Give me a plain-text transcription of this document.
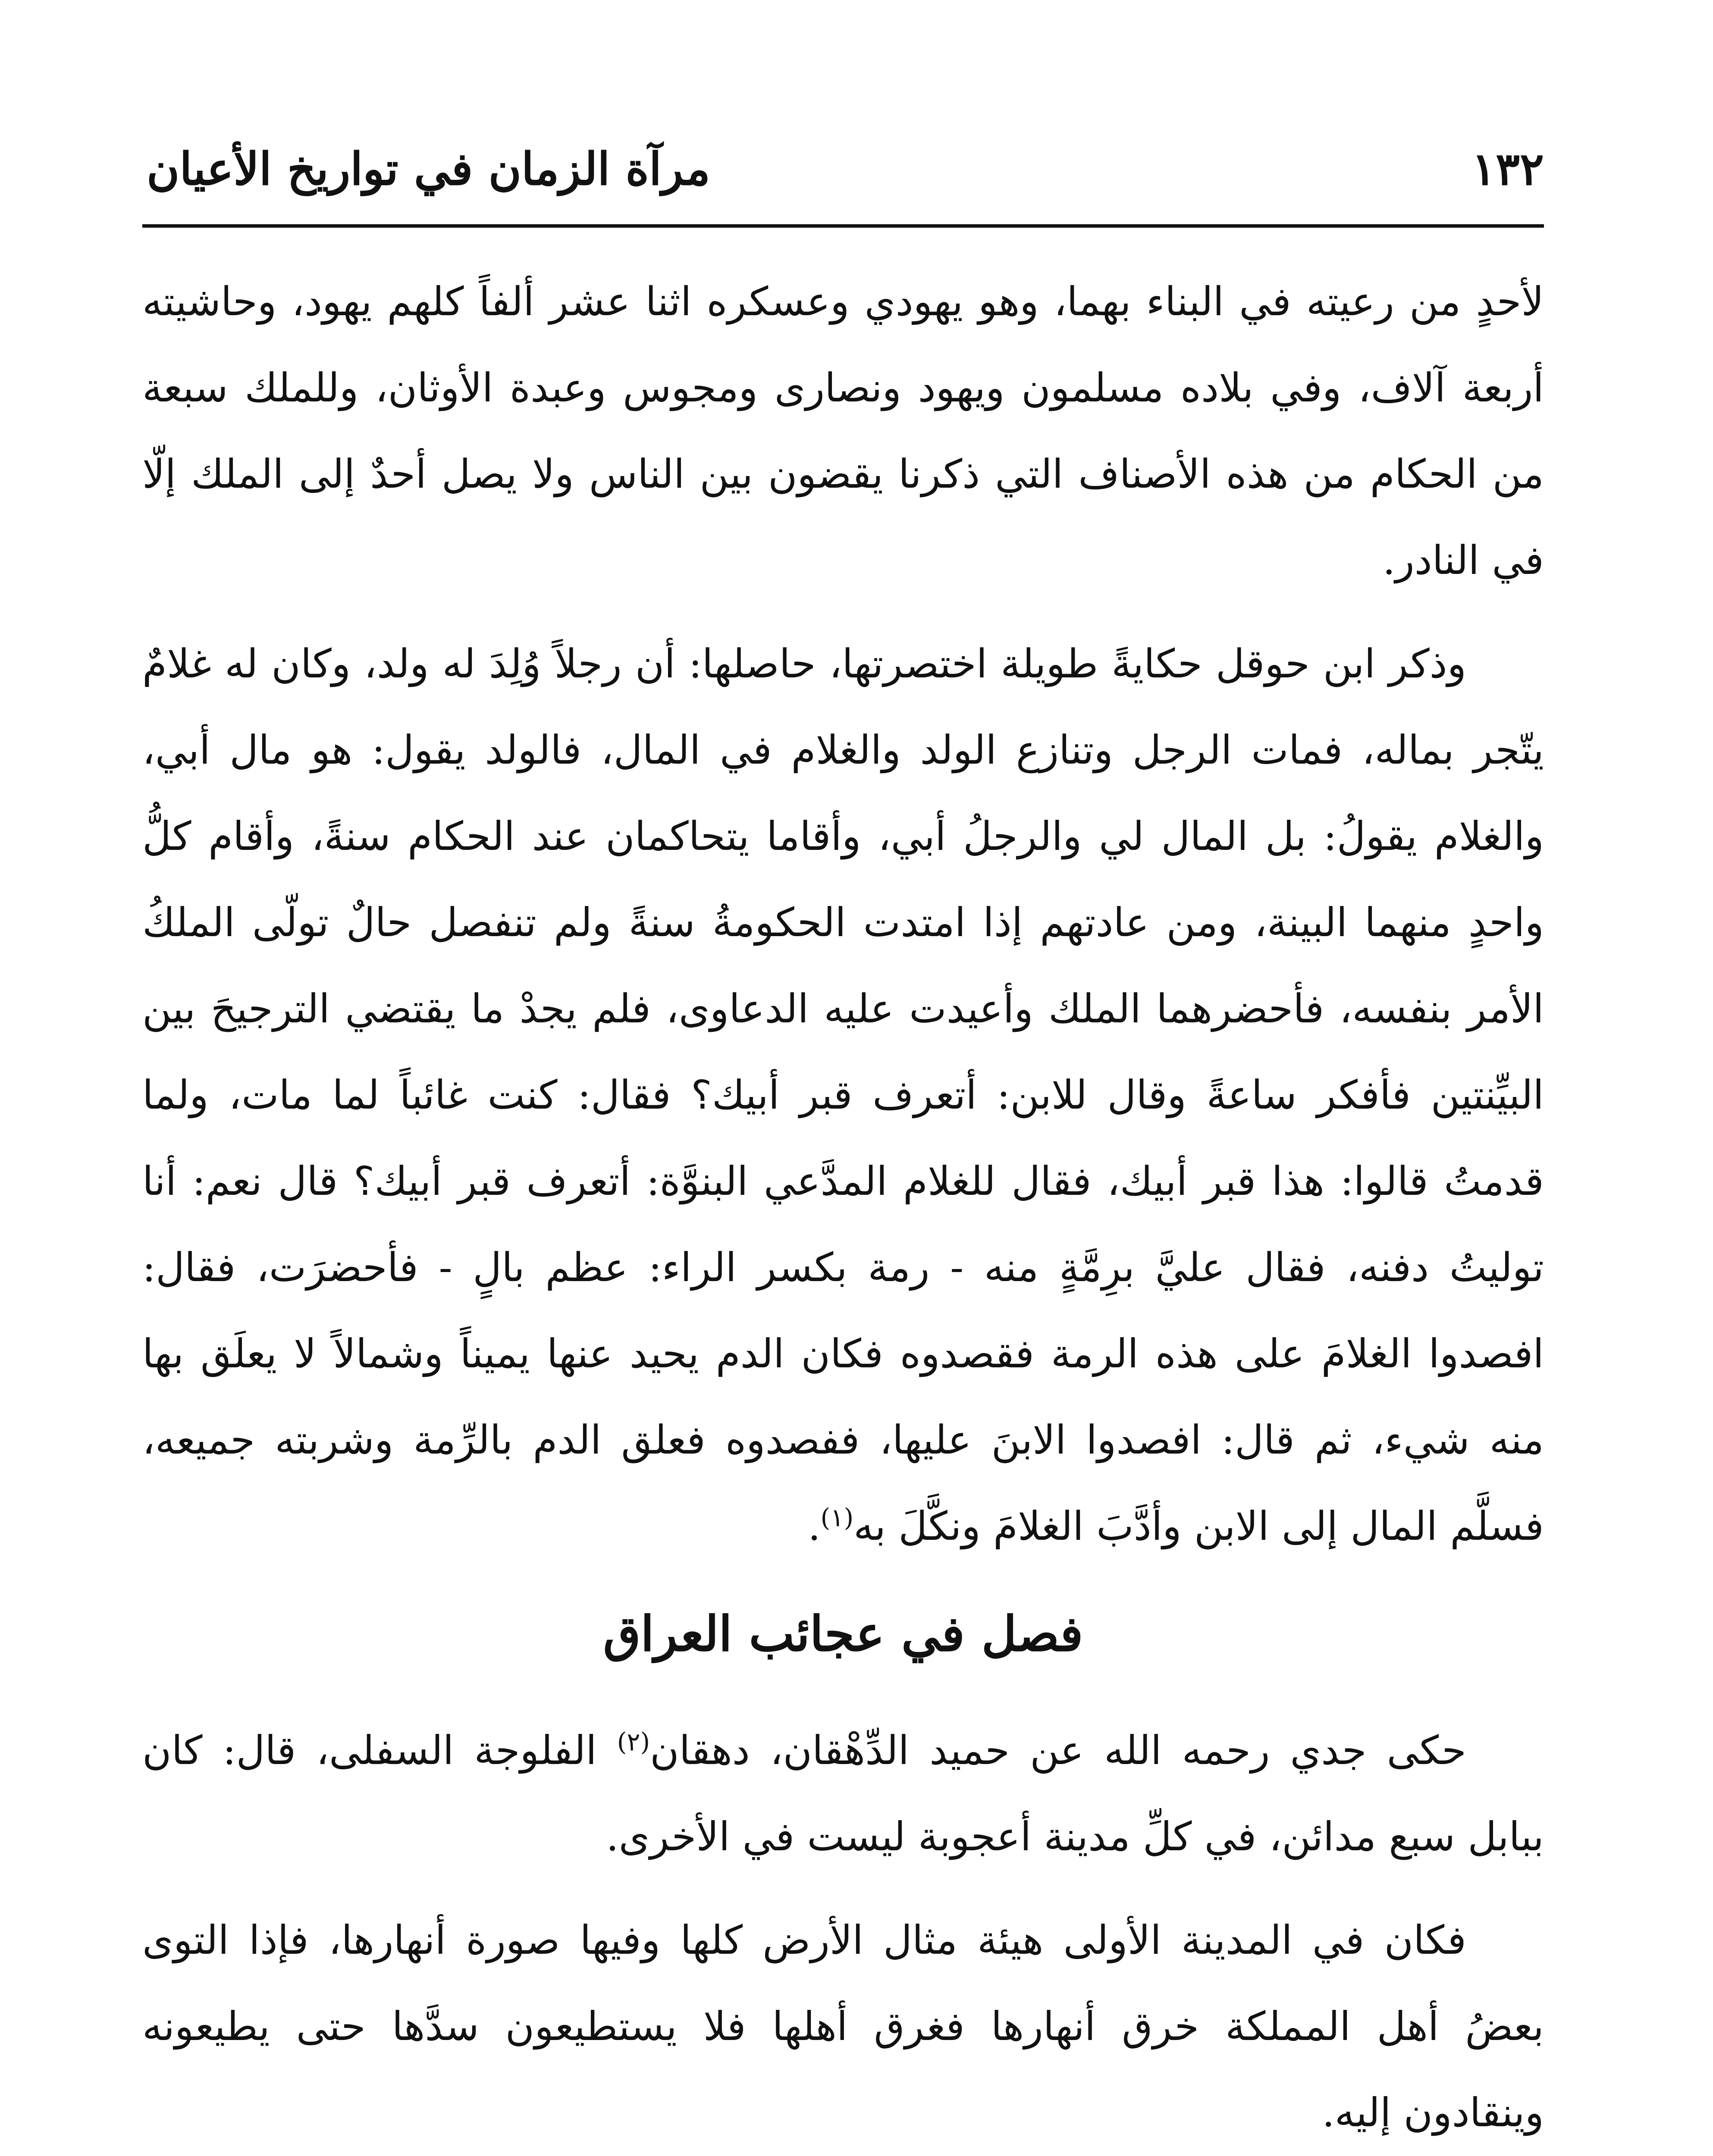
١٣٢
مرآة الزمان في تواريخ الأعيان

لأحدٍ من رعيته في البناء بهما، وهو يهودي وعسكره اثنا عشر ألفاً كلهم يهود، وحاشيته أربعة آلاف، وفي بلاده مسلمون ويهود ونصارى ومجوس وعبدة الأوثان، وللملك سبعة من الحكام من هذه الأصناف التي ذكرنا يقضون بين الناس ولا يصل أحدٌ إلى الملك إلّا في النادر.

وذكر ابن حوقل حكايةً طويلة اختصرتها، حاصلها: أن رجلاً وُلِدَ له ولد، وكان له غلامٌ يتّجر بماله، فمات الرجل وتنازع الولد والغلام في المال، فالولد يقول: هو مال أبي، والغلام يقولُ: بل المال لي والرجلُ أبي، وأقاما يتحاكمان عند الحكام سنةً، وأقام كلُّ واحدٍ منهما البينة، ومن عادتهم إذا امتدت الحكومةُ سنةً ولم تنفصل حالٌ تولّى الملكُ الأمر بنفسه، فأحضرهما الملك وأعيدت عليه الدعاوى، فلم يجدْ ما يقتضي الترجيحَ بين البيِّنتين فأفكر ساعةً وقال للابن: أتعرف قبر أبيك؟ فقال: كنت غائباً لما مات، ولما قدمتُ قالوا: هذا قبر أبيك، فقال للغلام المدَّعي البنوَّة: أتعرف قبر أبيك؟ قال نعم: أنا توليتُ دفنه، فقال عليَّ برِمَّةٍ منه - رمة بكسر الراء: عظم بالٍ - فأحضرَت، فقال: افصدوا الغلامَ على هذه الرمة فقصدوه فكان الدم يحيد عنها يميناً وشمالاً لا يعلَق بها منه شيء، ثم قال: افصدوا الابنَ عليها، ففصدوه فعلق الدم بالرِّمة وشربته جميعه، فسلَّم المال إلى الابن وأدَّبَ الغلامَ ونكَّلَ به$^{(١)}$.

فصل في عجائب العراق

حكى جدي رحمه الله عن حميد الدِّهْقان، دهقان$^{(٢)}$ الفلوجة السفلى، قال: كان ببابل سبع مدائن، في كلِّ مدينة أعجوبة ليست في الأخرى.

فكان في المدينة الأولى هيئة مثال الأرض كلها وفيها صورة أنهارها، فإذا التوى بعضُ أهل المملكة خرق أنهارها فغرق أهلها فلا يستطيعون سدَّها حتى يطيعونه وينقادون إليه.
